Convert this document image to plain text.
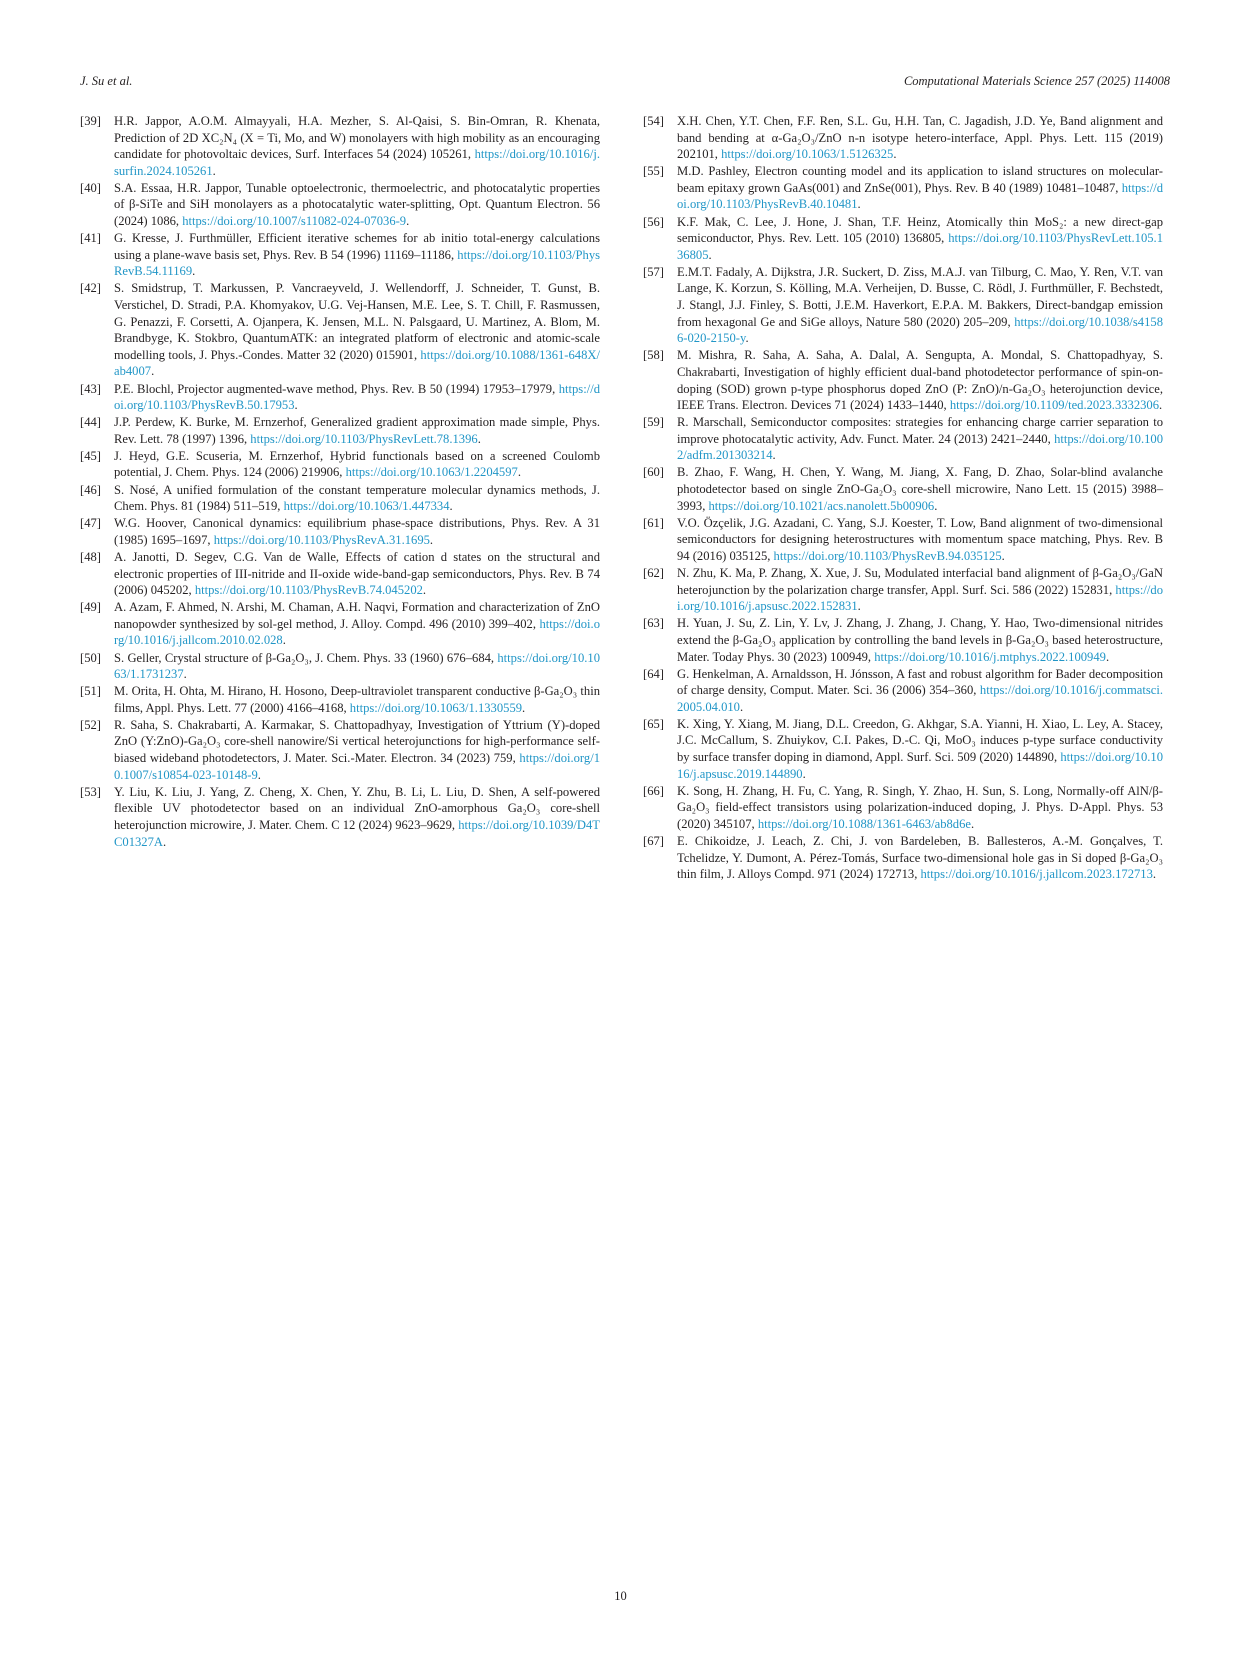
J. Su et al.	Computational Materials Science 257 (2025) 114008
[39] H.R. Jappor, A.O.M. Almayyali, H.A. Mezher, S. Al-Qaisi, S. Bin-Omran, R. Khenata, Prediction of 2D XC₂N₄ (X = Ti, Mo, and W) monolayers with high mobility as an encouraging candidate for photovoltaic devices, Surf. Interfaces 54 (2024) 105261, https://doi.org/10.1016/j.surfin.2024.105261.
[40] S.A. Essaa, H.R. Jappor, Tunable optoelectronic, thermoelectric, and photocatalytic properties of β-SiTe and SiH monolayers as a photocatalytic water-splitting, Opt. Quantum Electron. 56 (2024) 1086, https://doi.org/10.1007/s11082-024-07036-9.
[41] G. Kresse, J. Furthmüller, Efficient iterative schemes for ab initio total-energy calculations using a plane-wave basis set, Phys. Rev. B 54 (1996) 11169–11186, https://doi.org/10.1103/PhysRevB.54.11169.
[42] S. Smidstrup, T. Markussen, P. Vancraeyveld, J. Wellendorff, J. Schneider, T. Gunst, B. Verstichel, D. Stradi, P.A. Khomyakov, U.G. Vej-Hansen, M.E. Lee, S. T. Chill, F. Rasmussen, G. Penazzi, F. Corsetti, A. Ojanpera, K. Jensen, M.L. N. Palsgaard, U. Martinez, A. Blom, M. Brandbyge, K. Stokbro, QuantumATK: an integrated platform of electronic and atomic-scale modelling tools, J. Phys.-Condes. Matter 32 (2020) 015901, https://doi.org/10.1088/1361-648X/ab4007.
[43] P.E. Blochl, Projector augmented-wave method, Phys. Rev. B 50 (1994) 17953–17979, https://doi.org/10.1103/PhysRevB.50.17953.
[44] J.P. Perdew, K. Burke, M. Ernzerhof, Generalized gradient approximation made simple, Phys. Rev. Lett. 78 (1997) 1396, https://doi.org/10.1103/PhysRevLett.78.1396.
[45] J. Heyd, G.E. Scuseria, M. Ernzerhof, Hybrid functionals based on a screened Coulomb potential, J. Chem. Phys. 124 (2006) 219906, https://doi.org/10.1063/1.2204597.
[46] S. Nosé, A unified formulation of the constant temperature molecular dynamics methods, J. Chem. Phys. 81 (1984) 511–519, https://doi.org/10.1063/1.447334.
[47] W.G. Hoover, Canonical dynamics: equilibrium phase-space distributions, Phys. Rev. A 31 (1985) 1695–1697, https://doi.org/10.1103/PhysRevA.31.1695.
[48] A. Janotti, D. Segev, C.G. Van de Walle, Effects of cation d states on the structural and electronic properties of III-nitride and II-oxide wide-band-gap semiconductors, Phys. Rev. B 74 (2006) 045202, https://doi.org/10.1103/PhysRevB.74.045202.
[49] A. Azam, F. Ahmed, N. Arshi, M. Chaman, A.H. Naqvi, Formation and characterization of ZnO nanopowder synthesized by sol-gel method, J. Alloy. Compd. 496 (2010) 399–402, https://doi.org/10.1016/j.jallcom.2010.02.028.
[50] S. Geller, Crystal structure of β-Ga₂O₃, J. Chem. Phys. 33 (1960) 676–684, https://doi.org/10.1063/1.1731237.
[51] M. Orita, H. Ohta, M. Hirano, H. Hosono, Deep-ultraviolet transparent conductive β-Ga₂O₃ thin films, Appl. Phys. Lett. 77 (2000) 4166–4168, https://doi.org/10.1063/1.1330559.
[52] R. Saha, S. Chakrabarti, A. Karmakar, S. Chattopadhyay, Investigation of Yttrium (Y)-doped ZnO (Y:ZnO)-Ga₂O₃ core-shell nanowire/Si vertical heterojunctions for high-performance self-biased wideband photodetectors, J. Mater. Sci.-Mater. Electron. 34 (2023) 759, https://doi.org/10.1007/s10854-023-10148-9.
[53] Y. Liu, K. Liu, J. Yang, Z. Cheng, X. Chen, Y. Zhu, B. Li, L. Liu, D. Shen, A self-powered flexible UV photodetector based on an individual ZnO-amorphous Ga₂O₃ core-shell heterojunction microwire, J. Mater. Chem. C 12 (2024) 9623–9629, https://doi.org/10.1039/D4TC01327A.
[54] X.H. Chen, Y.T. Chen, F.F. Ren, S.L. Gu, H.H. Tan, C. Jagadish, J.D. Ye, Band alignment and band bending at α-Ga₂O₃/ZnO n-n isotype hetero-interface, Appl. Phys. Lett. 115 (2019) 202101, https://doi.org/10.1063/1.5126325.
[55] M.D. Pashley, Electron counting model and its application to island structures on molecular-beam epitaxy grown GaAs(001) and ZnSe(001), Phys. Rev. B 40 (1989) 10481–10487, https://doi.org/10.1103/PhysRevB.40.10481.
[56] K.F. Mak, C. Lee, J. Hone, J. Shan, T.F. Heinz, Atomically thin MoS₂: a new direct-gap semiconductor, Phys. Rev. Lett. 105 (2010) 136805, https://doi.org/10.1103/PhysRevLett.105.136805.
[57] E.M.T. Fadaly, A. Dijkstra, J.R. Suckert, D. Ziss, M.A.J. van Tilburg, C. Mao, Y. Ren, V.T. van Lange, K. Korzun, S. Kölling, M.A. Verheijen, D. Busse, C. Rödl, J. Furthmüller, F. Bechstedt, J. Stangl, J.J. Finley, S. Botti, J.E.M. Haverkort, E.P.A. M. Bakkers, Direct-bandgap emission from hexagonal Ge and SiGe alloys, Nature 580 (2020) 205–209, https://doi.org/10.1038/s41586-020-2150-y.
[58] M. Mishra, R. Saha, A. Saha, A. Dalal, A. Sengupta, A. Mondal, S. Chattopadhyay, S. Chakrabarti, Investigation of highly efficient dual-band photodetector performance of spin-on-doping (SOD) grown p-type phosphorus doped ZnO (P: ZnO)/n-Ga₂O₃ heterojunction device, IEEE Trans. Electron. Devices 71 (2024) 1433–1440, https://doi.org/10.1109/ted.2023.3332306.
[59] R. Marschall, Semiconductor composites: strategies for enhancing charge carrier separation to improve photocatalytic activity, Adv. Funct. Mater. 24 (2013) 2421–2440, https://doi.org/10.1002/adfm.201303214.
[60] B. Zhao, F. Wang, H. Chen, Y. Wang, M. Jiang, X. Fang, D. Zhao, Solar-blind avalanche photodetector based on single ZnO-Ga₂O₃ core-shell microwire, Nano Lett. 15 (2015) 3988–3993, https://doi.org/10.1021/acs.nanolett.5b00906.
[61] V.O. Özçelik, J.G. Azadani, C. Yang, S.J. Koester, T. Low, Band alignment of two-dimensional semiconductors for designing heterostructures with momentum space matching, Phys. Rev. B 94 (2016) 035125, https://doi.org/10.1103/PhysRevB.94.035125.
[62] N. Zhu, K. Ma, P. Zhang, X. Xue, J. Su, Modulated interfacial band alignment of β-Ga₂O₃/GaN heterojunction by the polarization charge transfer, Appl. Surf. Sci. 586 (2022) 152831, https://doi.org/10.1016/j.apsusc.2022.152831.
[63] H. Yuan, J. Su, Z. Lin, Y. Lv, J. Zhang, J. Zhang, J. Chang, Y. Hao, Two-dimensional nitrides extend the β-Ga₂O₃ application by controlling the band levels in β-Ga₂O₃ based heterostructure, Mater. Today Phys. 30 (2023) 100949, https://doi.org/10.1016/j.mtphys.2022.100949.
[64] G. Henkelman, A. Arnaldsson, H. Jónsson, A fast and robust algorithm for Bader decomposition of charge density, Comput. Mater. Sci. 36 (2006) 354–360, https://doi.org/10.1016/j.commatsci.2005.04.010.
[65] K. Xing, Y. Xiang, M. Jiang, D.L. Creedon, G. Akhgar, S.A. Yianni, H. Xiao, L. Ley, A. Stacey, J.C. McCallum, S. Zhuiykov, C.I. Pakes, D.-C. Qi, MoO₃ induces p-type surface conductivity by surface transfer doping in diamond, Appl. Surf. Sci. 509 (2020) 144890, https://doi.org/10.1016/j.apsusc.2019.144890.
[66] K. Song, H. Zhang, H. Fu, C. Yang, R. Singh, Y. Zhao, H. Sun, S. Long, Normally-off AlN/β-Ga₂O₃ field-effect transistors using polarization-induced doping, J. Phys. D-Appl. Phys. 53 (2020) 345107, https://doi.org/10.1088/1361-6463/ab8d6e.
[67] E. Chikoidze, J. Leach, Z. Chi, J. von Bardeleben, B. Ballesteros, A.-M. Gonçalves, T. Tchelidze, Y. Dumont, A. Pérez-Tomás, Surface two-dimensional hole gas in Si doped β-Ga₂O₃ thin film, J. Alloys Compd. 971 (2024) 172713, https://doi.org/10.1016/j.jallcom.2023.172713.
10
